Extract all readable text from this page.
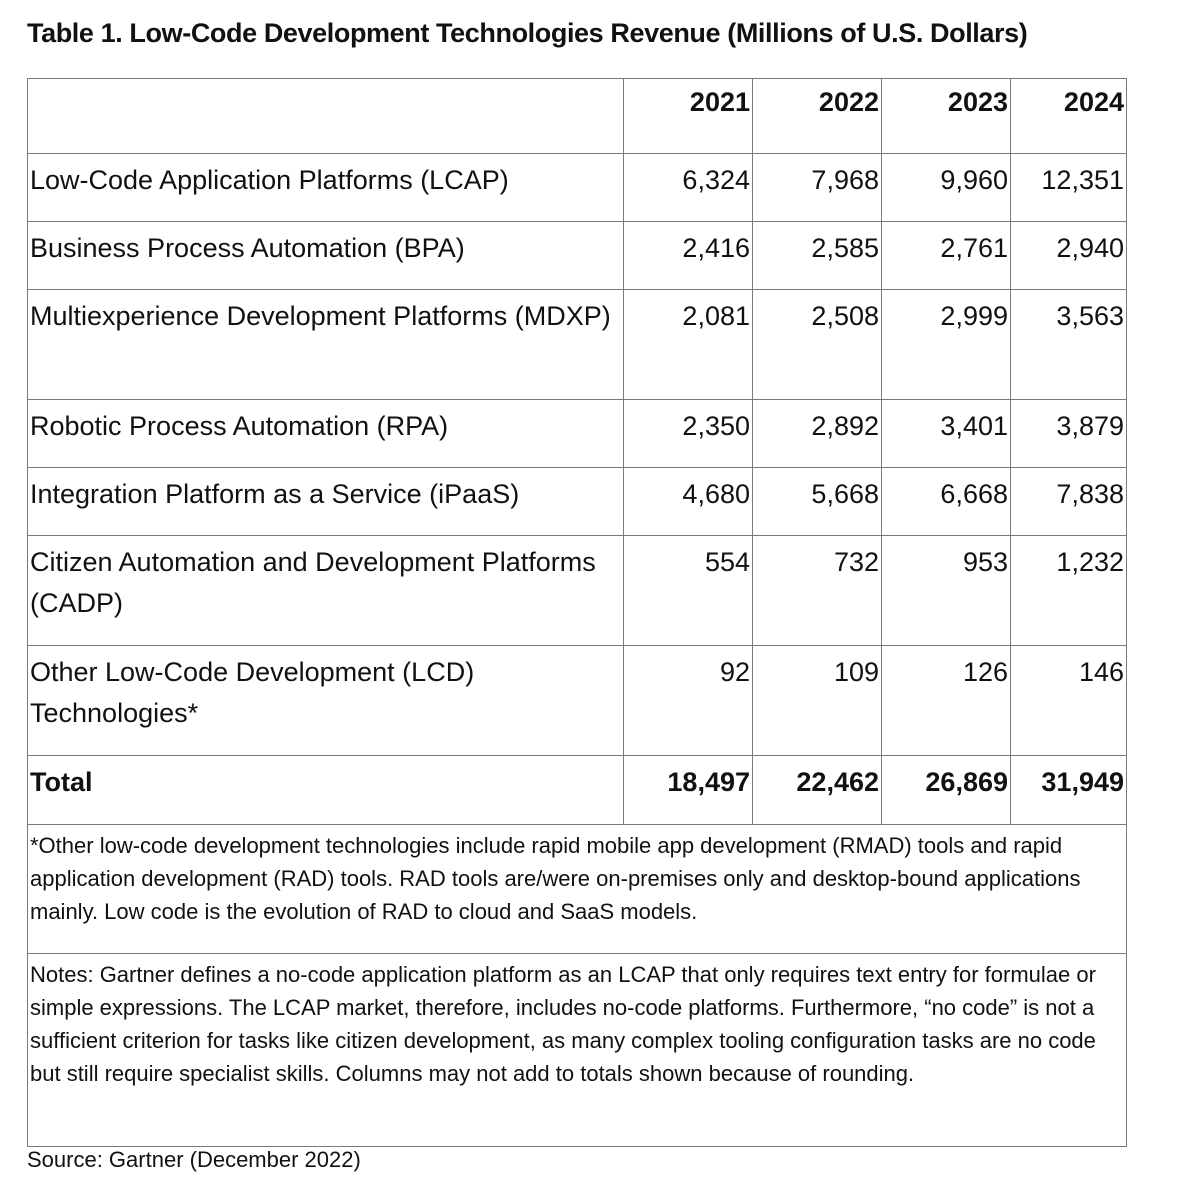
Table 1. Low-Code Development Technologies Revenue (Millions of U.S. Dollars)
	2021	2022	2023	2024
Low-Code Application Platforms (LCAP)	6,324	7,968	9,960	12,351
Business Process Automation (BPA)	2,416	2,585	2,761	2,940
Multiexperience Development Platforms (MDXP)	2,081	2,508	2,999	3,563
Robotic Process Automation (RPA)	2,350	2,892	3,401	3,879
Integration Platform as a Service (iPaaS)	4,680	5,668	6,668	7,838
Citizen Automation and Development Platforms (CADP)	554	732	953	1,232
Other Low-Code Development (LCD) Technologies*	92	109	126	146
Total	18,497	22,462	26,869	31,949
*Other low-code development technologies include rapid mobile app development (RMAD) tools and rapid application development (RAD) tools. RAD tools are/were on-premises only and desktop-bound applications mainly. Low code is the evolution of RAD to cloud and SaaS models.				
Notes: Gartner defines a no-code application platform as an LCAP that only requires text entry for formulae or simple expressions. The LCAP market, therefore, includes no-code platforms. Furthermore, “no code” is not a sufficient criterion for tasks like citizen development, as many complex tooling configuration tasks are no code but still require specialist skills. Columns may not add to totals shown because of rounding.				
Source: Gartner (December 2022)
